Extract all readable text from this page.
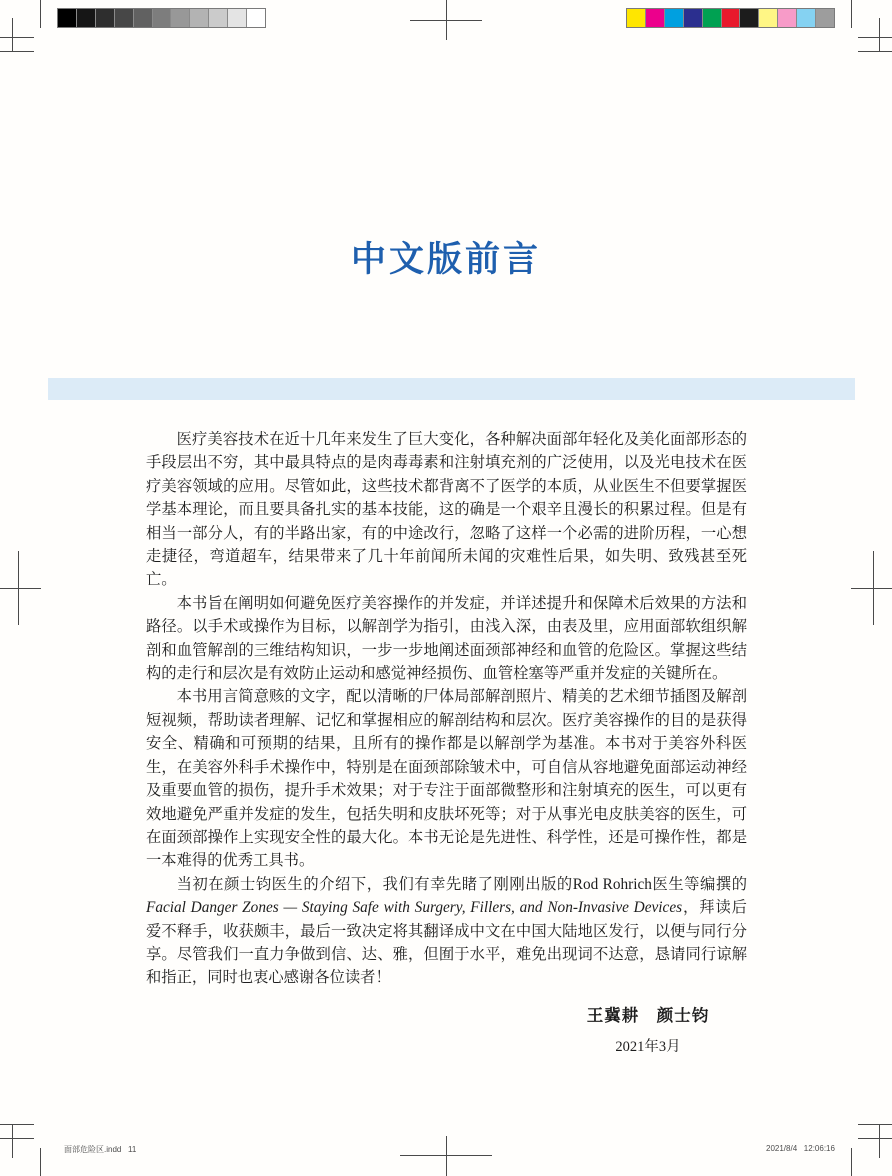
中文版前言

医疗美容技术在近十几年来发生了巨大变化，各种解决面部年轻化及美化面部形态的手段层出不穷，其中最具特点的是肉毒毒素和注射填充剂的广泛使用，以及光电技术在医疗美容领域的应用。尽管如此，这些技术都背离不了医学的本质，从业医生不但要掌握医学基本理论，而且要具备扎实的基本技能，这的确是一个艰辛且漫长的积累过程。但是有相当一部分人，有的半路出家，有的中途改行，忽略了这样一个必需的进阶历程，一心想走捷径，弯道超车，结果带来了几十年前闻所未闻的灾难性后果，如失明、致残甚至死亡。

本书旨在阐明如何避免医疗美容操作的并发症，并详述提升和保障术后效果的方法和路径。以手术或操作为目标，以解剖学为指引，由浅入深，由表及里，应用面部软组织解剖和血管解剖的三维结构知识，一步一步地阐述面颈部神经和血管的危险区。掌握这些结构的走行和层次是有效防止运动和感觉神经损伤、血管栓塞等严重并发症的关键所在。

本书用言简意赅的文字，配以清晰的尸体局部解剖照片、精美的艺术细节插图及解剖短视频，帮助读者理解、记忆和掌握相应的解剖结构和层次。医疗美容操作的目的是获得安全、精确和可预期的结果，且所有的操作都是以解剖学为基准。本书对于美容外科医生，在美容外科手术操作中，特别是在面颈部除皱术中，可自信从容地避免面部运动神经及重要血管的损伤，提升手术效果；对于专注于面部微整形和注射填充的医生，可以更有效地避免严重并发症的发生，包括失明和皮肤坏死等；对于从事光电皮肤美容的医生，可在面颈部操作上实现安全性的最大化。本书无论是先进性、科学性，还是可操作性，都是一本难得的优秀工具书。

当初在颜士钧医生的介绍下，我们有幸先睹了刚刚出版的Rod Rohrich医生等编撰的Facial Danger Zones — Staying Safe with Surgery, Fillers, and Non-Invasive Devices，拜读后爱不释手，收获颇丰，最后一致决定将其翻译成中文在中国大陆地区发行，以便与同行分享。尽管我们一直力争做到信、达、雅，但囿于水平，难免出现词不达意，恳请同行谅解和指正，同时也衷心感谢各位读者！

王冀耕　颜士钧
2021年3月
面部危险区.indd   11	2021/8/4   12:06:16
